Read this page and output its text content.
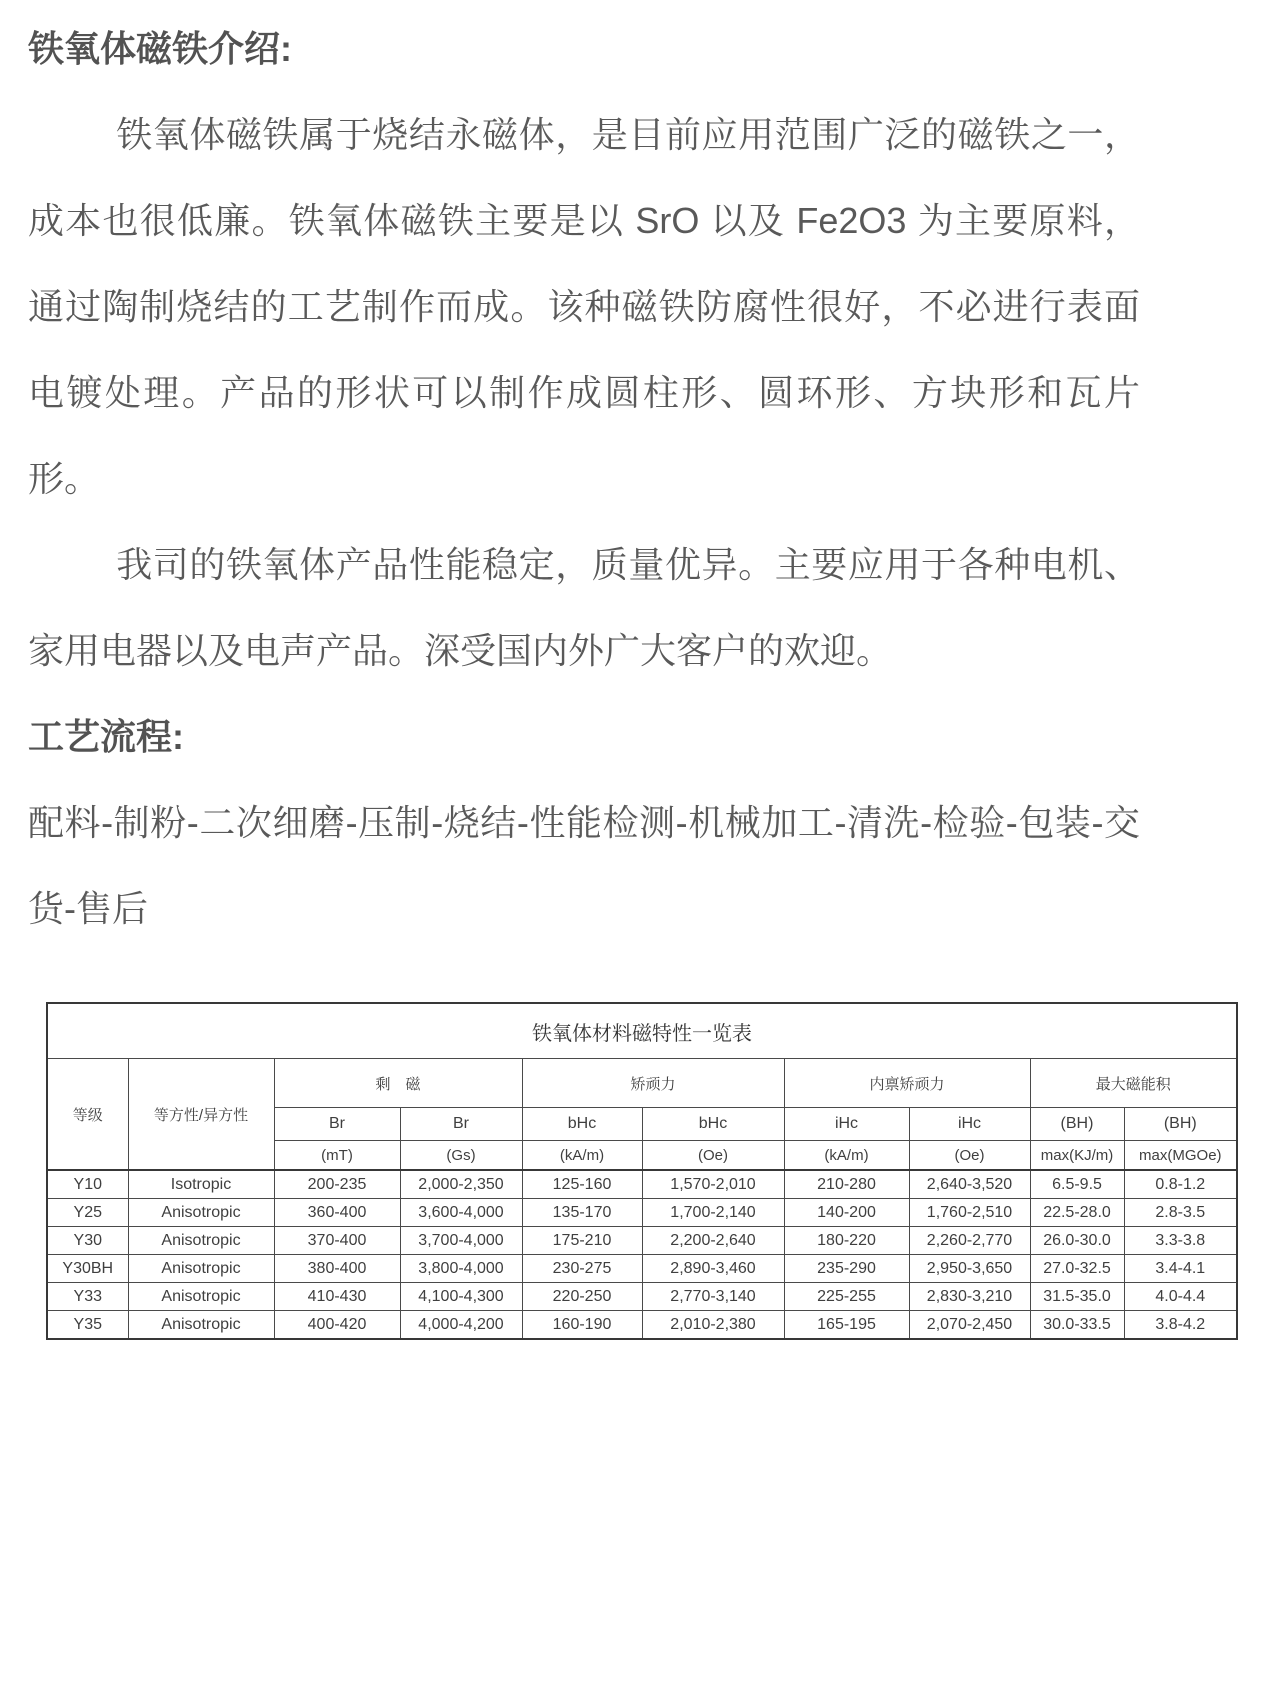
铁氧体磁铁介绍:

铁氧体磁铁属于烧结永磁体，是目前应用范围广泛的磁铁之一，成本也很低廉。铁氧体磁铁主要是以 SrO 以及 Fe2O3 为主要原料，通过陶制烧结的工艺制作而成。该种磁铁防腐性很好，不必进行表面电镀处理。产品的形状可以制作成圆柱形、圆环形、方块形和瓦片形。

我司的铁氧体产品性能稳定，质量优异。主要应用于各种电机、家用电器以及电声产品。深受国内外广大客户的欢迎。

工艺流程:

配料-制粉-二次细磨-压制-烧结-性能检测-机械加工-清洗-检验-包装-交货-售后

铁氧体材料磁特性一览表									
等级	等方性/异方性	剩　磁		矫顽力		内禀矫顽力		最大磁能积	
		Br	Br	bHc	bHc	iHc	iHc	(BH)	(BH)
		(mT)	(Gs)	(kA/m)	(Oe)	(kA/m)	(Oe)	max(KJ/m)	max(MGOe)
Y10	Isotropic	200-235	2,000-2,350	125-160	1,570-2,010	210-280	2,640-3,520	6.5-9.5	0.8-1.2
Y25	Anisotropic	360-400	3,600-4,000	135-170	1,700-2,140	140-200	1,760-2,510	22.5-28.0	2.8-3.5
Y30	Anisotropic	370-400	3,700-4,000	175-210	2,200-2,640	180-220	2,260-2,770	26.0-30.0	3.3-3.8
Y30BH	Anisotropic	380-400	3,800-4,000	230-275	2,890-3,460	235-290	2,950-3,650	27.0-32.5	3.4-4.1
Y33	Anisotropic	410-430	4,100-4,300	220-250	2,770-3,140	225-255	2,830-3,210	31.5-35.0	4.0-4.4
Y35	Anisotropic	400-420	4,000-4,200	160-190	2,010-2,380	165-195	2,070-2,450	30.0-33.5	3.8-4.2
